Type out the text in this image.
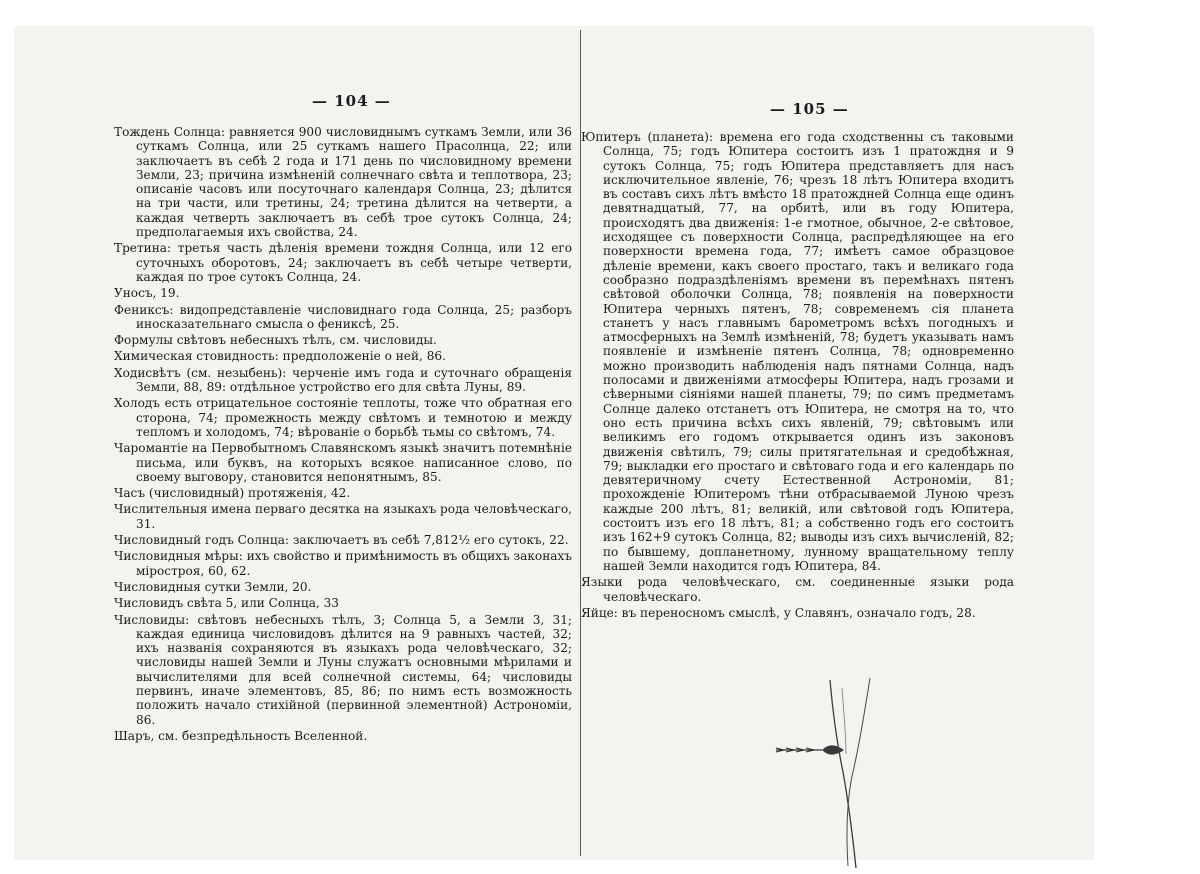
— 104 —
Тождень Солнца: равняется 900 числовиднымъ суткамъ Земли, или 36 суткамъ Солнца, или 25 суткамъ нашего Прасолнца, 22; или заключаетъ въ себѣ 2 года и 171 день по числовидному времени Земли, 23; причина измѣненій солнечнаго свѣта и теплотвора, 23; описаніе часовъ или посуточнаго календаря Солнца, 23; дѣлится на три части, или третины, 24; третина дѣлится на четверти, а каждая четверть заключаетъ въ себѣ трое сутокъ Солнца, 24; предполагаемыя ихъ свойства, 24.
Третина: третья часть дѣленія времени тождня Солнца, или 12 его суточныхъ оборотовъ, 24; заключаетъ въ себѣ четыре четверти, каждая по трое сутокъ Солнца, 24.
Уносъ, 19.
Фениксъ: видопредставленіе числовиднаго года Солнца, 25; разборъ иносказательнаго смысла о фениксѣ, 25.
Формулы свѣтовъ небесныхъ тѣлъ, см. числовиды.
Химическая стовидность: предположеніе о ней, 86.
Ходисвѣтъ (см. незыбень): черченіе имъ года и суточнаго обращенія Земли, 88, 89: отдѣльное устройство его для свѣта Луны, 89.
Холодъ есть отрицательное состояніе теплоты, тоже что обратная его сторона, 74; промежность между свѣтомъ и темнотою и между тепломъ и холодомъ, 74; вѣрованіе о борьбѣ тьмы со свѣтомъ, 74.
Чаромантіе на Первобытномъ Славянскомъ языкѣ значитъ потемнѣніе письма, или буквъ, на которыхъ всякое написанное слово, по своему выговору, становится непонятнымъ, 85.
Часъ (числовидный) протяженія, 42.
Числительныя имена перваго десятка на языкахъ рода человѣческаго, 31.
Числовидный годъ Солнца: заключаетъ въ себѣ 7,812½ его сутокъ, 22.
Числовидныя мѣры: ихъ свойство и примѣнимость въ общихъ законахъ міростроя, 60, 62.
Числовидныя сутки Земли, 20.
Числовидъ свѣта 5, или Солнца, 33
Числовиды: свѣтовъ небесныхъ тѣлъ, 3; Солнца 5, а Земли 3, 31; каждая единица числовидовъ дѣлится на 9 равныхъ частей, 32; ихъ названія сохраняются въ языкахъ рода человѣческаго, 32; числовиды нашей Земли и Луны служатъ основными мѣрилами и вычислителями для всей солнечной системы, 64; числовиды первинъ, иначе элементовъ, 85, 86; по нимъ есть возможность положить начало стихійной (первинной элементной) Астрономіи, 86.
Шаръ, см. безпредѣльность Вселенной.
— 105 —
Юпитеръ (планета): времена его года сходственны съ таковыми Солнца, 75; годъ Юпитера состоитъ изъ 1 пратождня и 9 сутокъ Солнца, 75; годъ Юпитера представляетъ для насъ исключительное явленіе, 76; чрезъ 18 лѣтъ Юпитера входитъ въ составъ сихъ лѣтъ вмѣсто 18 пратождней Солнца еще одинъ девятнадцатый, 77, на орбитѣ, или въ году Юпитера, происходятъ два движенія: 1-е гмотное, обычное, 2-е свѣтовое, исходящее съ поверхности Солнца, распредѣляющее на его поверхности времена года, 77; имѣетъ самое образцовое дѣленіе времени, какъ своего простаго, такъ и великаго года сообразно подраздѣленіямъ времени въ перемѣнахъ пятенъ свѣтовой оболочки Солнца, 78; появленія на поверхности Юпитера черныхъ пятенъ, 78; современемъ сія планета станетъ у насъ главнымъ барометромъ всѣхъ погодныхъ и атмосферныхъ на Землѣ измѣненій, 78; будетъ указывать намъ появленіе и измѣненіе пятенъ Солнца, 78; одновременно можно производить наблюденія надъ пятнами Солнца, надъ полосами и движеніями атмосферы Юпитера, надъ грозами и сѣверными сіяніями нашей планеты, 79; по симъ предметамъ Солнце далеко отстанетъ отъ Юпитера, не смотря на то, что оно есть причина всѣхъ сихъ явленій, 79; свѣтовымъ или великимъ его годомъ открывается одинъ изъ законовъ движенія свѣтилъ, 79; силы притягательная и средобѣжная, 79; выкладки его простаго и свѣтоваго года и его календарь по девятеричному счету Естественной Астрономіи, 81; прохожденіе Юпитеромъ тѣни отбрасываемой Луною чрезъ каждые 200 лѣтъ, 81; великій, или свѣтовой годъ Юпитера, состоитъ изъ его 18 лѣтъ, 81; а собственно годъ его состоитъ изъ 162+9 сутокъ Солнца, 82; выводы изъ сихъ вычисленій, 82; по бывшему, допланетному, лунному вращательному теплу нашей Земли находится годъ Юпитера, 84.
Языки рода человѣческаго, см. соединенные языки рода человѣческаго.
Яйце: въ переносномъ смыслѣ, у Славянъ, означало годъ, 28.
